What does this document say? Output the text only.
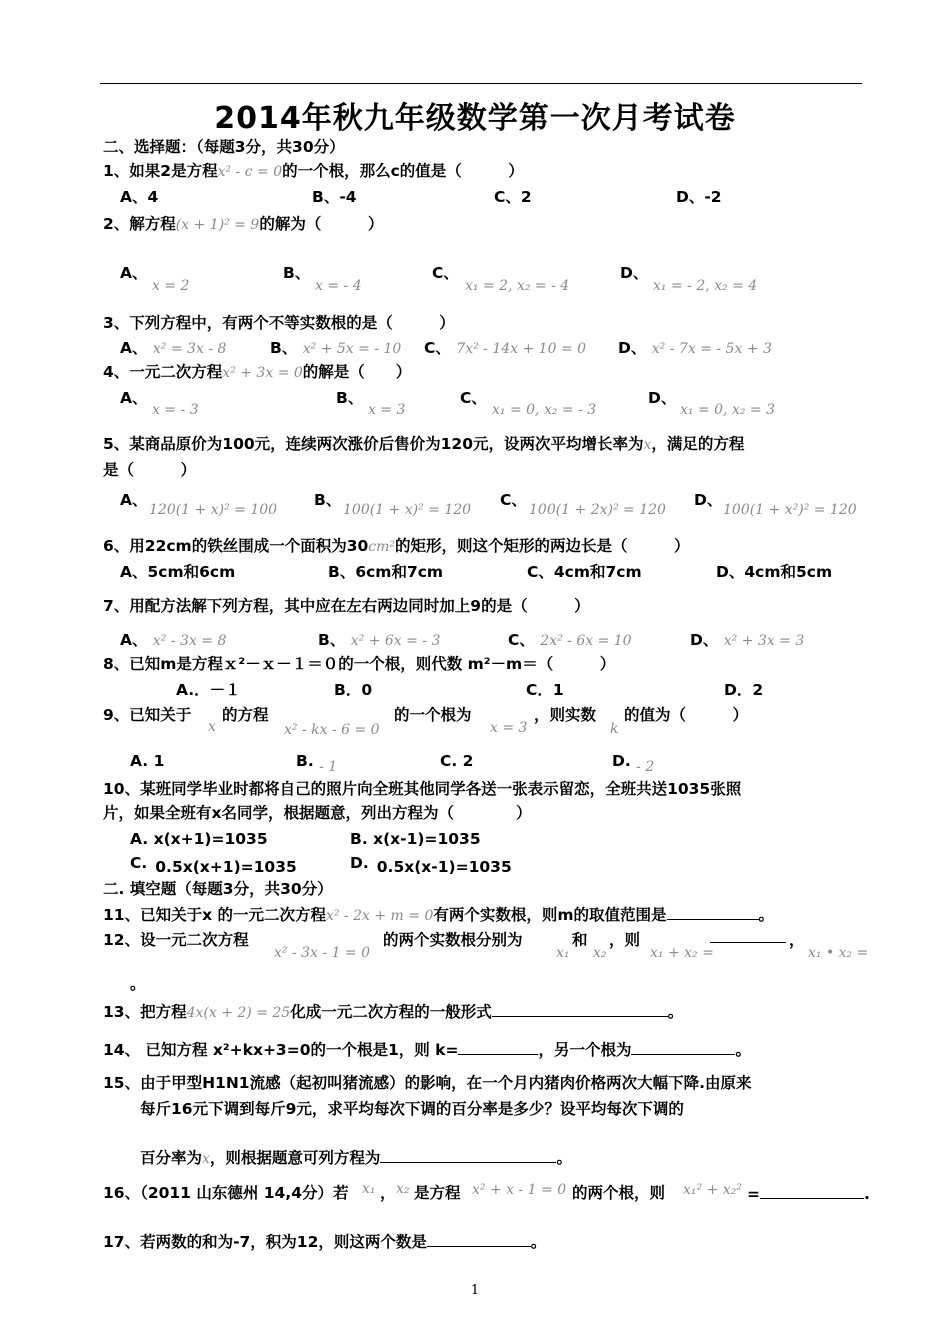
2014年秋九年级数学第一次月考试卷
二、选择题：（每题3分，共30分）
1、如果2是方程x² - c = 0的一个根，那么c的值是（　　　）
A、4	B、-4	C、2	D、-2
2、解方程(x + 1)² = 9的解为（　　　）
A、
x = 2
B、
x = - 4
C、
x₁ = 2, x₂ = - 4
D、
x₁ = - 2, x₂ = 4
3、下列方程中，有两个不等实数根的是（　　　）
A、 x² = 3x - 8	B、 x² + 5x = - 10 C、 7x² - 14x + 10 = 0 D、 x² - 7x = - 5x + 3
4、一元二次方程x² + 3x = 0的解是（　　）
A、
x = - 3
B、
x = 3
C、
x₁ = 0, x₂ = - 3
D、
x₁ = 0, x₂ = 3
5、某商品原价为100元，连续两次涨价后售价为120元，设两次平均增长率为x，满足的方程
是（　　　）
A、
120(1 + x)² = 100
B、
100(1 + x)² = 120
C、
100(1 + 2x)² = 120
D、
100(1 + x²)² = 120
6、用22cm的铁丝围成一个面积为30cm²的矩形，则这个矩形的两边长是（　　　）
A、5cm和6cm	B、6cm和7cm	C、4cm和7cm	D、4cm和5cm
7、用配方法解下列方程，其中应在左右两边同时加上9的是（　　　）
A、 x² - 3x = 8	B、 x² + 6x = - 3	C、 2x² - 6x = 10	D、 x² + 3x = 3
8、已知m是方程ｘ²－ｘ－１＝０的一个根，则代数 m²－m＝（　　　）
A.．－１	B．0	C．1	D．2
9、已知关于
x
的方程
x² - kx - 6 = 0
的一个根为
x = 3
，则实数
k
的值为（　　　）
A. 1	B. - 1	C. 2	D. - 2
10、某班同学毕业时都将自己的照片向全班其他同学各送一张表示留恋，全班共送1035张照
片，如果全班有x名同学，根据题意，列出方程为（　　　　）
A. x(x+1)=1035	B. x(x-1)=1035
C. 0.5x(x+1)=1035	D. 0.5x(x-1)=1035
二. 填空题（每题3分，共30分）
11、已知关于x 的一元二次方程x² - 2x + m = 0有两个实数根，则m的取值范围是	。
12、设一元二次方程
x² - 3x - 1 = 0
的两个实数根分别为
x₁
和
x₂
，则
x₁ + x₂ =
，
x₁ • x₂ =
。
13、把方程4x(x + 2) = 25化成一元二次方程的一般形式	。
14、 已知方程 x²+kx+3=0的一个根是1，则 k=	，另一个根为	。
15、由于甲型H1N1流感（起初叫猪流感）的影响，在一个月内猪肉价格两次大幅下降.由原来
每斤16元下调到每斤9元，求平均每次下调的百分率是多少？设平均每次下调的
百分率为x，则根据题意可列方程为	。
16、（2011 山东德州 14,4分）若 x₁ ， x₂ 是方程 x² + x - 1 = 0 的两个根，则 x₁² + x₂² =	.
17、若两数的和为-7，积为12，则这两个数是	。
1
